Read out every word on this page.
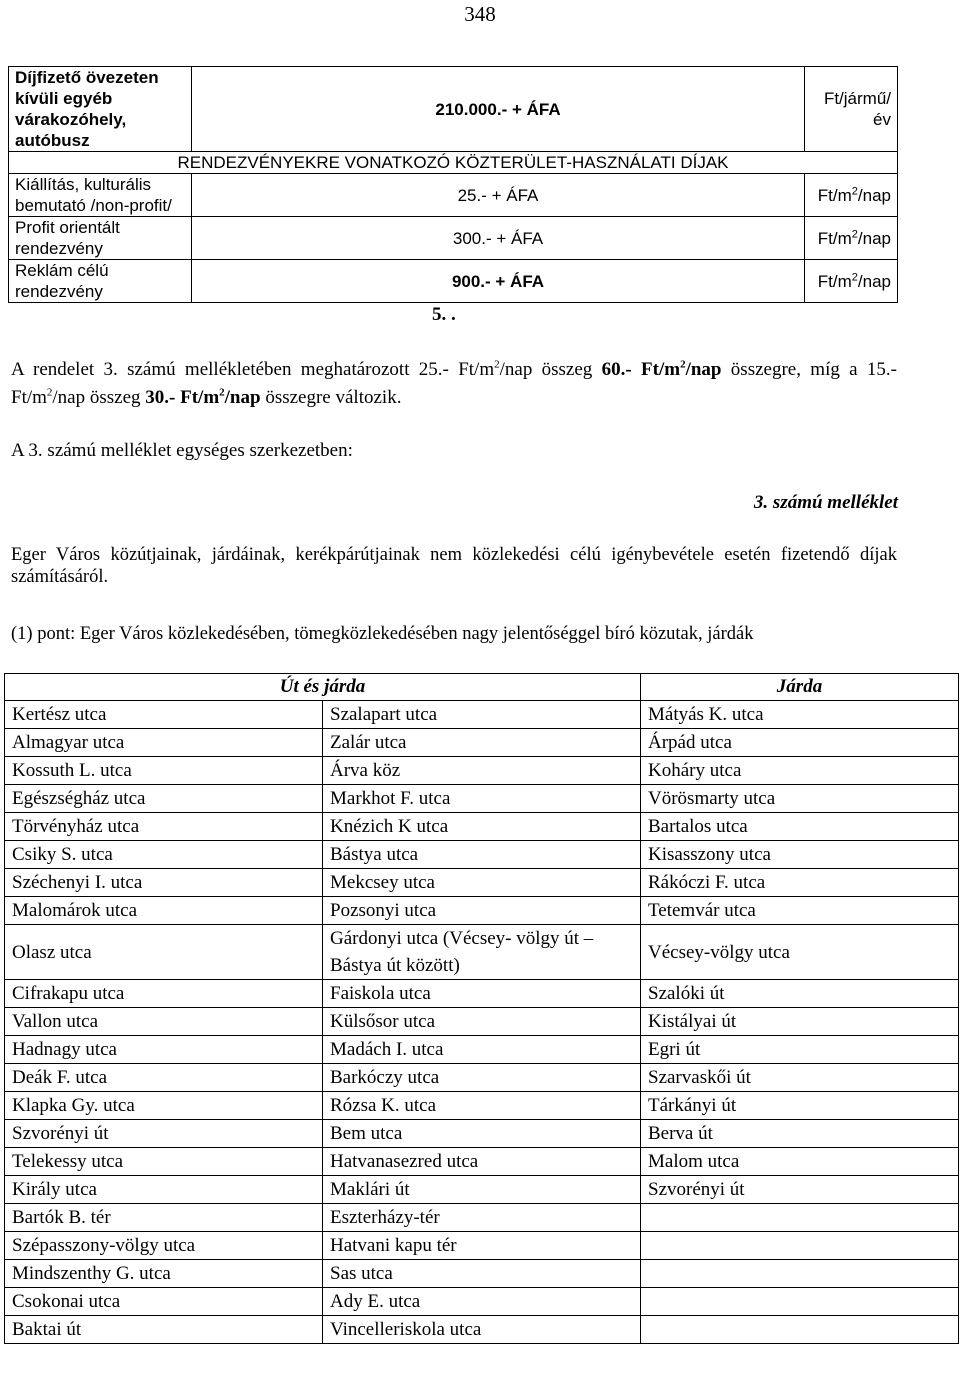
348
Díjfizető övezeten kívüli egyéb várakozóhely, autóbusz	210.000.- + ÁFA	Ft/jármű/év
RENDEZVÉNYEKRE VONATKOZÓ KÖZTERÜLET-HASZNÁLATI DÍJAK		
Kiállítás, kulturális bemutató /non-profit/	25.- + ÁFA	$Ft/m^2$/nap
Profit orientált rendezvény	300.- + ÁFA	$Ft/m^2$/nap
Reklám célú rendezvény	900.- + ÁFA	$Ft/m^2$/nap
5. .
A rendelet 3. számú mellékletében meghatározott 25.- $Ft/m^2$/nap összeg 60.- $Ft/m^2$/nap összegre, míg a 15.- $Ft/m^2$/nap összeg 30.- $Ft/m^2$/nap összegre változik.
A 3. számú melléklet egységes szerkezetben:
3. számú melléklet
Eger Város közútjainak, járdáinak, kerékpárútjainak nem közlekedési célú igénybevétele esetén fizetendő díjak számításáról.
(1) pont: Eger Város közlekedésében, tömegközlekedésében nagy jelentőséggel bíró közutak, járdák
Út és járda		Járda
Kertész utca	Szalapart utca	Mátyás K. utca
Almagyar utca	Zalár utca	Árpád utca
Kossuth L. utca	Árva köz	Koháry utca
Egészségház utca	Markhot F. utca	Vörösmarty utca
Törvényház utca	Knézich K utca	Bartalos utca
Csiky S. utca	Bástya utca	Kisasszony utca
Széchenyi I. utca	Mekcsey utca	Rákóczi F. utca
Malomárok utca	Pozsonyi utca	Tetemvár utca
Olasz utca	Gárdonyi utca (Vécsey- völgy út – Bástya út között)	Vécsey-völgy utca
Cifrakapu utca	Faiskola utca	Szalóki út
Vallon utca	Külsősor utca	Kistályai út
Hadnagy utca	Madách I. utca	Egri út
Deák F. utca	Barkóczy utca	Szarvaskői út
Klapka Gy. utca	Rózsa K. utca	Tárkányi út
Szvorényi út	Bem utca	Berva út
Telekessy utca	Hatvanasezred utca	Malom utca
Király utca	Maklári út	Szvorényi út
Bartók B. tér	Eszterházy-tér	
Szépasszony-völgy utca	Hatvani kapu tér	
Mindszenthy G. utca	Sas utca	
Csokonai utca	Ady E. utca	
Baktai út	Vincelleriskola utca	
